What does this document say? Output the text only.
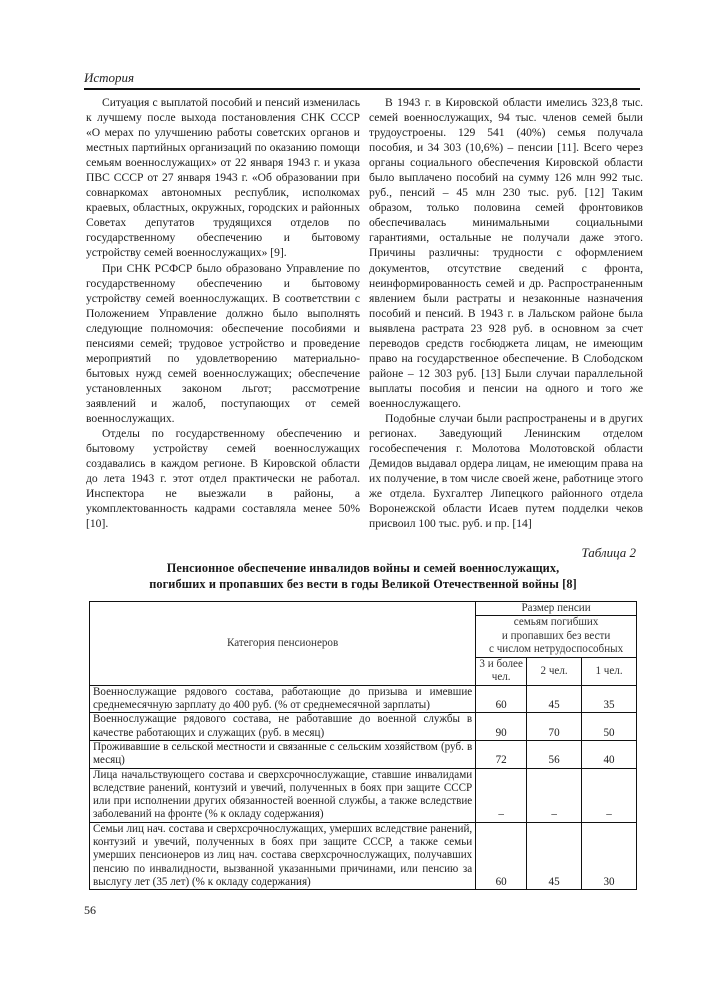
История

Ситуация с выплатой пособий и пенсий изменилась к лучшему после выхода постановления СНК СССР «О мерах по улучшению работы советских органов и местных партийных организаций по оказанию помощи семьям военнослужащих» от 22 января 1943 г. и указа ПВС СССР от 27 января 1943 г. «Об образовании при совнаркомах автономных республик, исполкомах краевых, областных, окружных, городских и районных Советах депутатов трудящихся отделов по государственному обеспечению и бытовому устройству семей военнослужащих» [9].

При СНК РСФСР было образовано Управление по государственному обеспечению и бытовому устройству семей военнослужащих. В соответствии с Положением Управление должно было выполнять следующие полномочия: обеспечение пособиями и пенсиями семей; трудовое устройство и проведение мероприятий по удовлетворению материально-бытовых нужд семей военнослужащих; обеспечение установленных законом льгот; рассмотрение заявлений и жалоб, поступающих от семей военнослужащих.

Отделы по государственному обеспечению и бытовому устройству семей военнослужащих создавались в каждом регионе. В Кировской области до лета 1943 г. этот отдел практически не работал. Инспектора не выезжали в районы, а укомплектованность кадрами составляла менее 50% [10].

В 1943 г. в Кировской области имелись 323,8 тыс. семей военнослужащих, 94 тыс. членов семей были трудоустроены. 129 541 (40%) семья получала пособия, и 34 303 (10,6%) – пенсии [11]. Всего через органы социального обеспечения Кировской области было выплачено пособий на сумму 126 млн 992 тыс. руб., пенсий – 45 млн 230 тыс. руб. [12] Таким образом, только половина семей фронтовиков обеспечивалась минимальными социальными гарантиями, остальные не получали даже этого. Причины различны: трудности с оформлением документов, отсутствие сведений с фронта, неинформированность семей и др. Распространенным явлением были растраты и незаконные назначения пособий и пенсий. В 1943 г. в Лальском районе была выявлена растрата 23 928 руб. в основном за счет переводов средств госбюджета лицам, не имеющим право на государственное обеспечение. В Слободском районе – 12 303 руб. [13] Были случаи параллельной выплаты пособия и пенсии на одного и того же военнослужащего.

Подобные случаи были распространены и в других регионах. Заведующий Ленинским отделом гособеспечения г. Молотова Молотовской области Демидов выдавал ордера лицам, не имеющим права на их получение, в том числе своей жене, работнице этого же отдела. Бухгалтер Липецкого районного отдела Воронежской области Исаев путем подделки чеков присвоил 100 тыс. руб. и пр. [14]

Таблица 2
Пенсионное обеспечение инвалидов войны и семей военнослужащих,
погибших и пропавших без вести в годы Великой Отечественной войны [8]
Категория пенсионеров	Размер пенсии		

	семьям погибших
и пропавших без вести
с числом нетрудоспособных		

	3 и более чел.	2 чел.	1 чел.
Военнослужащие рядового состава, работающие до призыва и имевшие среднемесячную зарплату до 400 руб. (% от среднемесячной зарплаты)	60	45	35
Военнослужащие рядового состава, не работавшие до военной службы в качестве работающих и служащих (руб. в месяц)	90	70	50
Проживавшие в сельской местности и связанные с сельским хозяйством (руб. в месяц)	72	56	40
Лица начальствующего состава и сверхсрочнослужащие, ставшие инвалидами вследствие ранений, контузий и увечий, полученных в боях при защите СССР или при исполнении других обязанностей военной службы, а также вследствие заболеваний на фронте (% к окладу содержания)	–	–	–
Семьи лиц нач. состава и сверхсрочнослужащих, умерших вследствие ранений, контузий и увечий, полученных в боях при защите СССР, а также семьи умерших пенсионеров из лиц нач. состава сверхсрочнослужащих, получавших пенсию по инвалидности, вызванной указанными причинами, или пенсию за выслугу лет (35 лет) (% к окладу содержания)	60	45	30
56
